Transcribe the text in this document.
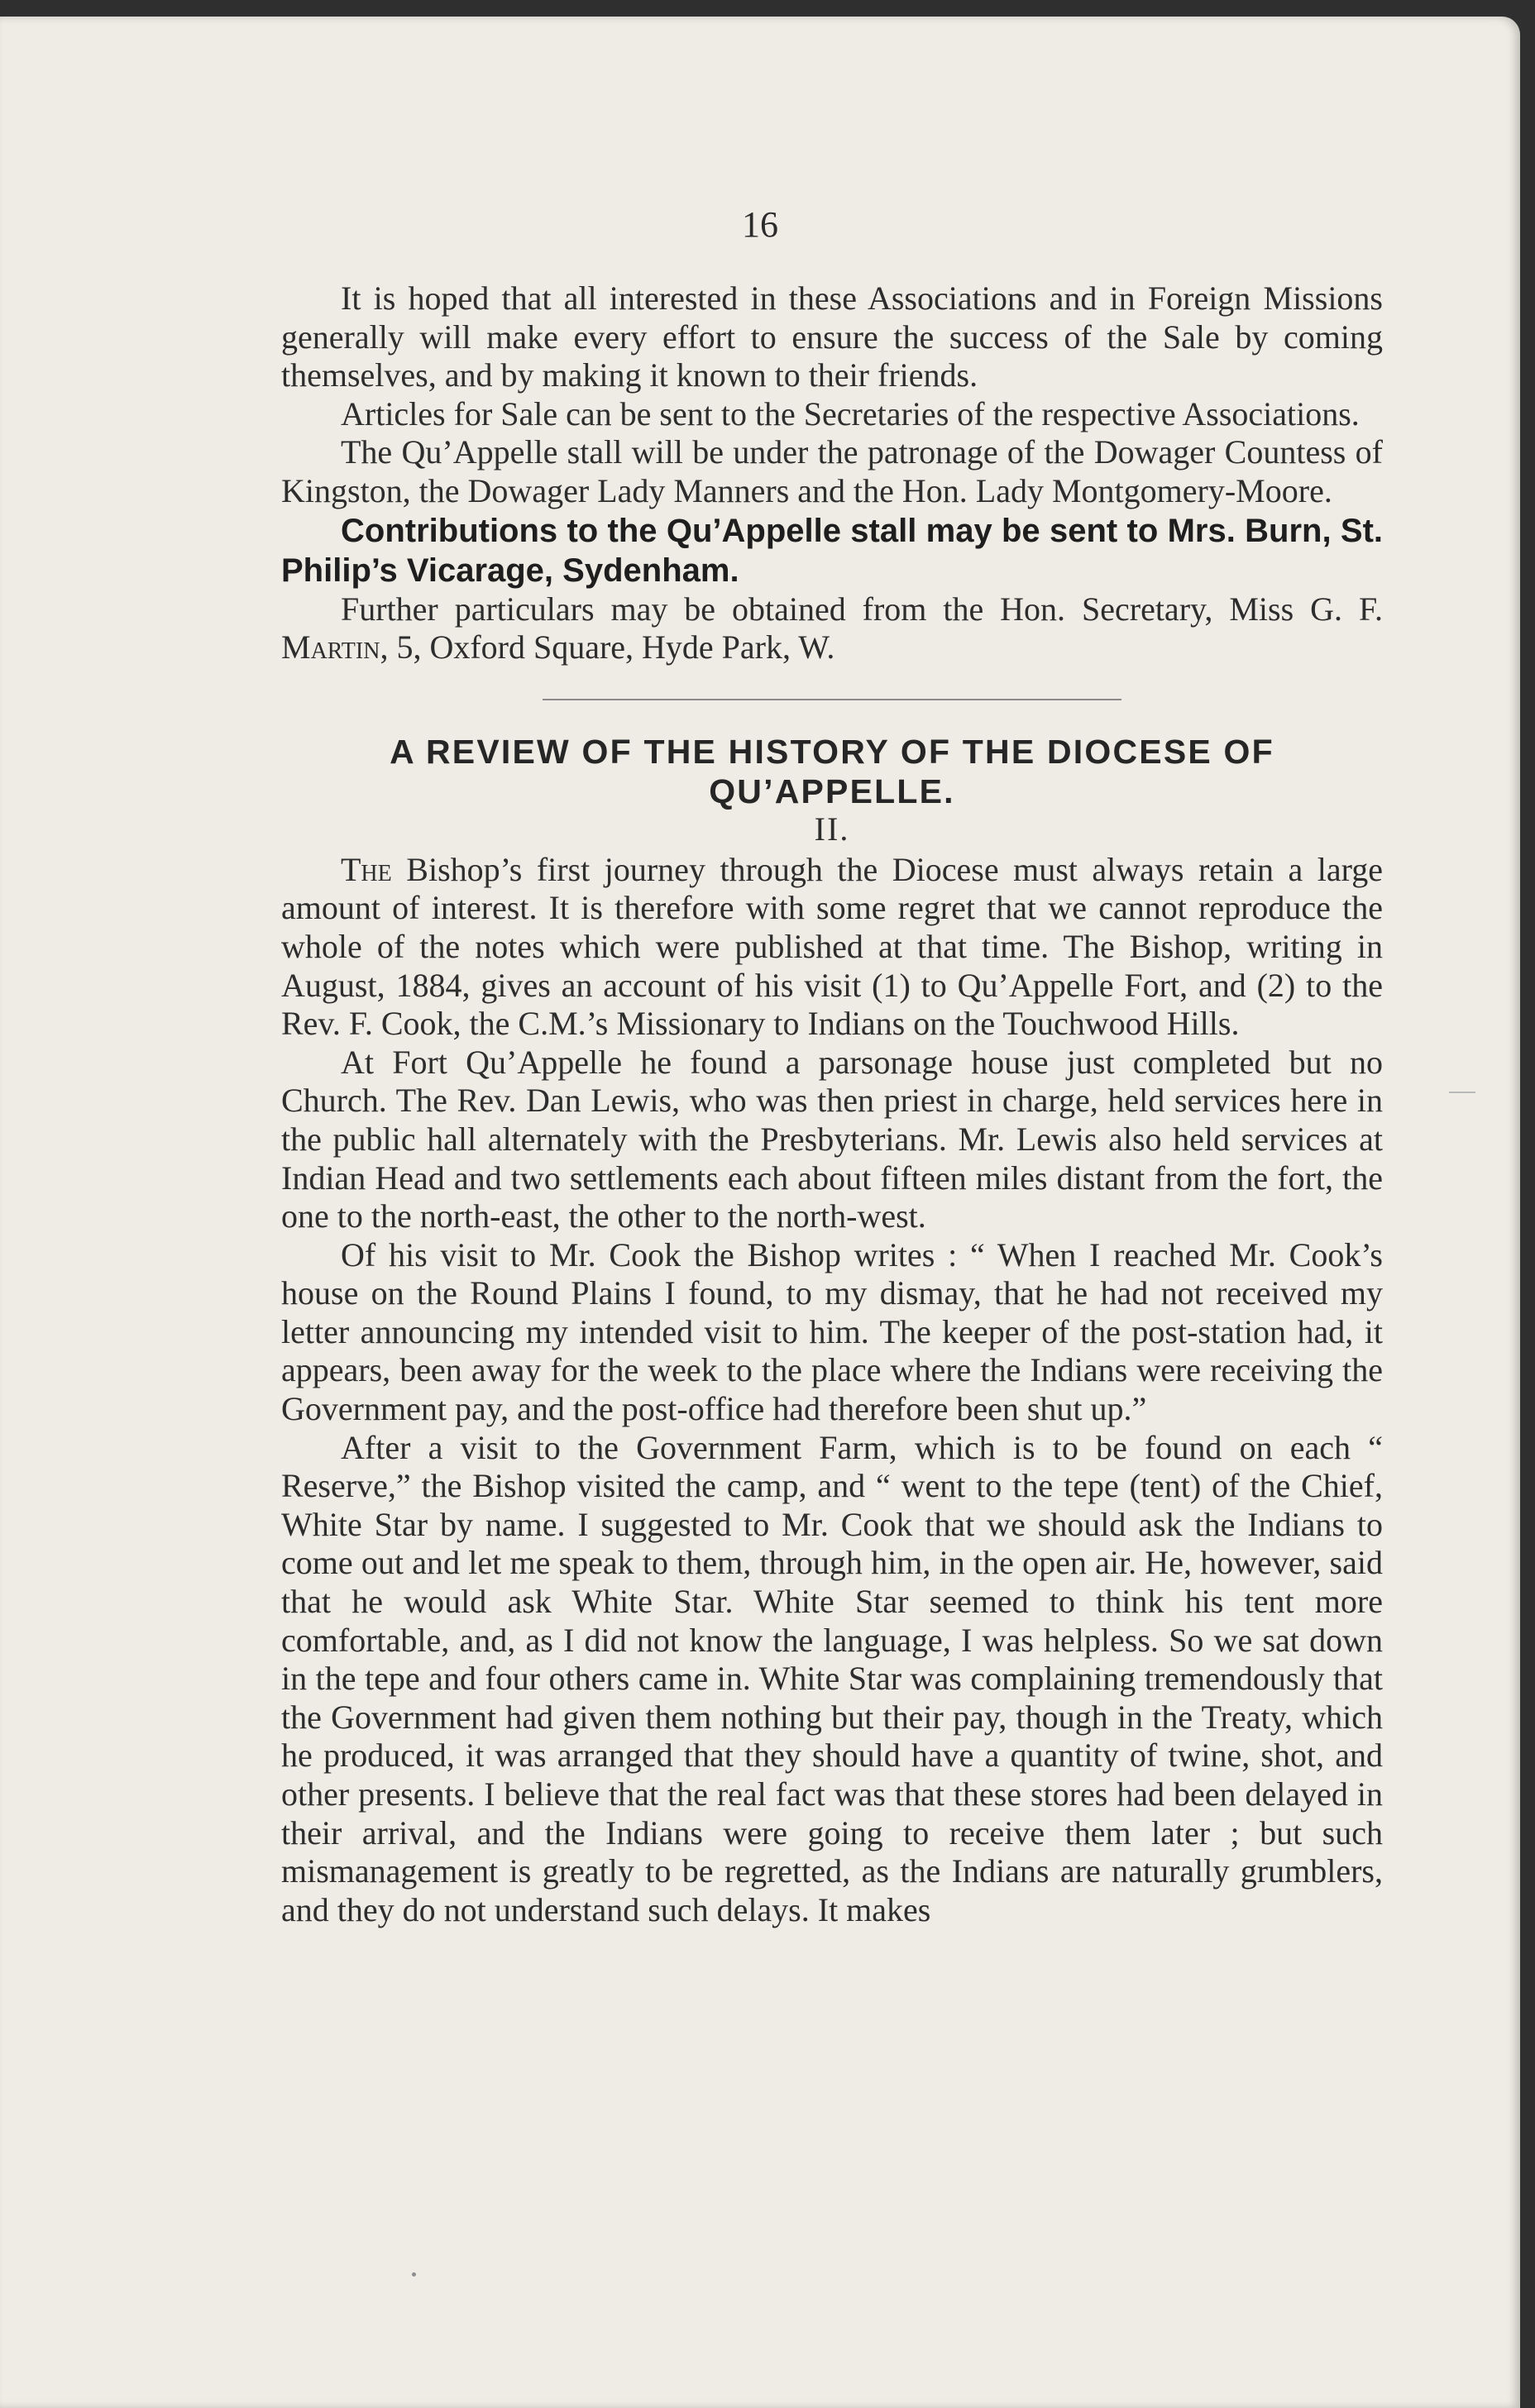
16

It is hoped that all interested in these Associations and in Foreign Missions generally will make every effort to ensure the success of the Sale by coming themselves, and by making it known to their friends.

Articles for Sale can be sent to the Secretaries of the respective Associations.

The Qu’Appelle stall will be under the patronage of the Dowager Countess of Kingston, the Dowager Lady Manners and the Hon. Lady Montgomery-Moore.

Contributions to the Qu’Appelle stall may be sent to Mrs. Burn, St. Philip’s Vicarage, Sydenham.

Further particulars may be obtained from the Hon. Secretary, Miss G. F. Martin, 5, Oxford Square, Hyde Park, W.

A REVIEW OF THE HISTORY OF THE DIOCESE OF QU’APPELLE.
II.

The Bishop’s first journey through the Diocese must always retain a large amount of interest. It is therefore with some regret that we cannot reproduce the whole of the notes which were published at that time. The Bishop, writing in August, 1884, gives an account of his visit (1) to Qu’Appelle Fort, and (2) to the Rev. F. Cook, the C.M.’s Missionary to Indians on the Touchwood Hills.

At Fort Qu’Appelle he found a parsonage house just completed but no Church. The Rev. Dan Lewis, who was then priest in charge, held services here in the public hall alternately with the Presbyterians. Mr. Lewis also held services at Indian Head and two settlements each about fifteen miles distant from the fort, the one to the north-east, the other to the north-west.

Of his visit to Mr. Cook the Bishop writes : “ When I reached Mr. Cook’s house on the Round Plains I found, to my dismay, that he had not received my letter announcing my intended visit to him. The keeper of the post-station had, it appears, been away for the week to the place where the Indians were receiving the Government pay, and the post-office had therefore been shut up.”

After a visit to the Government Farm, which is to be found on each “ Reserve,” the Bishop visited the camp, and “ went to the tepe (tent) of the Chief, White Star by name. I suggested to Mr. Cook that we should ask the Indians to come out and let me speak to them, through him, in the open air. He, however, said that he would ask White Star. White Star seemed to think his tent more comfortable, and, as I did not know the language, I was helpless. So we sat down in the tepe and four others came in. White Star was complaining tremendously that the Government had given them nothing but their pay, though in the Treaty, which he produced, it was arranged that they should have a quantity of twine, shot, and other presents. I believe that the real fact was that these stores had been delayed in their arrival, and the Indians were going to receive them later ; but such mismanagement is greatly to be regretted, as the Indians are naturally grumblers, and they do not understand such delays. It makes
